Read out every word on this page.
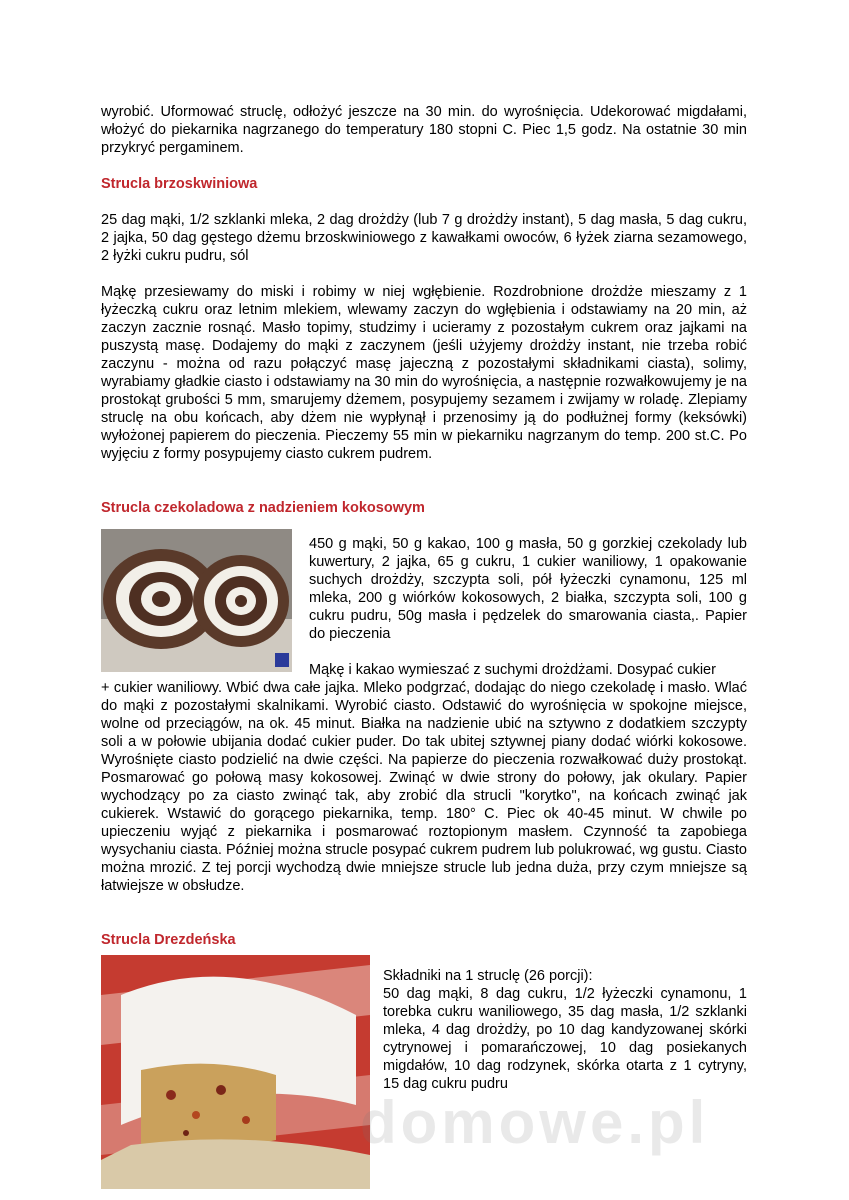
wyrobić. Uformować struclę, odłożyć jeszcze na 30 min. do wyrośnięcia. Udekorować migdałami, włożyć do piekarnika nagrzanego do temperatury 180 stopni C. Piec 1,5 godz. Na ostatnie 30 min przykryć pergaminem.

Strucla brzoskwiniowa

25 dag mąki, 1/2 szklanki mleka, 2 dag drożdży (lub 7 g drożdży instant), 5 dag masła, 5 dag cukru, 2 jajka, 50 dag gęstego dżemu brzoskwiniowego z kawałkami owoców, 6 łyżek ziarna sezamowego, 2 łyżki cukru pudru, sól

Mąkę przesiewamy do miski i robimy w niej wgłębienie. Rozdrobnione drożdże mieszamy z 1 łyżeczką cukru oraz letnim mlekiem, wlewamy zaczyn do wgłębienia i odstawiamy na 20 min, aż zaczyn zacznie rosnąć. Masło topimy, studzimy i ucieramy z pozostałym cukrem oraz jajkami na puszystą masę. Dodajemy do mąki z zaczynem (jeśli użyjemy drożdży instant, nie trzeba robić zaczynu - można od razu połączyć masę jajeczną z pozostałymi składnikami ciasta), solimy, wyrabiamy gładkie ciasto i odstawiamy na 30 min do wyrośnięcia, a następnie rozwałkowujemy je na prostokąt grubości 5 mm, smarujemy dżemem, posypujemy sezamem i zwijamy w roladę. Zlepiamy struclę na obu końcach, aby dżem nie wypłynął i przenosimy ją do podłużnej formy (keksówki) wyłożonej papierem do pieczenia. Pieczemy 55 min w piekarniku nagrzanym do temp. 200 st.C. Po wyjęciu z formy posypujemy ciasto cukrem pudrem.

Strucla czekoladowa z nadzieniem kokosowym

450 g mąki, 50 g kakao, 100 g masła, 50 g gorzkiej czekolady lub kuwertury, 2 jajka, 65 g cukru, 1 cukier waniliowy, 1 opakowanie suchych drożdży, szczypta soli, pół łyżeczki cynamonu, 125 ml mleka, 200 g wiórków kokosowych, 2 białka, szczypta soli, 100 g cukru pudru, 50g masła i pędzelek do smarowania ciasta,. Papier do pieczenia

Mąkę i kakao wymieszać z suchymi drożdżami. Dosypać cukier

+ cukier waniliowy. Wbić dwa całe jajka. Mleko podgrzać, dodając do niego czekoladę i masło. Wlać do mąki z pozostałymi skalnikami. Wyrobić ciasto. Odstawić do wyrośnięcia w spokojne miejsce, wolne od przeciągów, na ok. 45 minut. Białka na nadzienie ubić na sztywno z dodatkiem szczypty soli a w połowie ubijania dodać cukier puder. Do tak ubitej sztywnej piany dodać wiórki kokosowe. Wyrośnięte ciasto podzielić na dwie części. Na papierze do pieczenia rozwałkować duży prostokąt. Posmarować go połową masy kokosowej. Zwinąć w dwie strony do połowy, jak okulary. Papier wychodzący po za ciasto zwinąć tak, aby zrobić dla strucli "korytko", na końcach zwinąć jak cukierek. Wstawić do gorącego piekarnika, temp. 180° C. Piec ok 40-45 minut. W chwile po upieczeniu wyjąć z piekarnika i posmarować roztopionym masłem. Czynność ta zapobiega wysychaniu ciasta. Później można strucle posypać cukrem pudrem lub polukrować, wg gustu. Ciasto można mrozić. Z tej porcji wychodzą dwie mniejsze strucle lub jedna duża, przy czym mniejsze są łatwiejsze w obsłudze.

Strucla Drezdeńska

Składniki na 1 struclę (26 porcji):

50 dag mąki, 8 dag cukru, 1/2 łyżeczki cynamonu, 1 torebka cukru waniliowego, 35 dag masła, 1/2 szklanki mleka, 4 dag drożdży, po 10 dag kandyzowanej skórki cytrynowej i pomarańczowej, 10 dag posiekanych migdałów, 10 dag rodzynek, skórka otarta z 1 cytryny, 15 dag cukru pudru

domowe.pl
